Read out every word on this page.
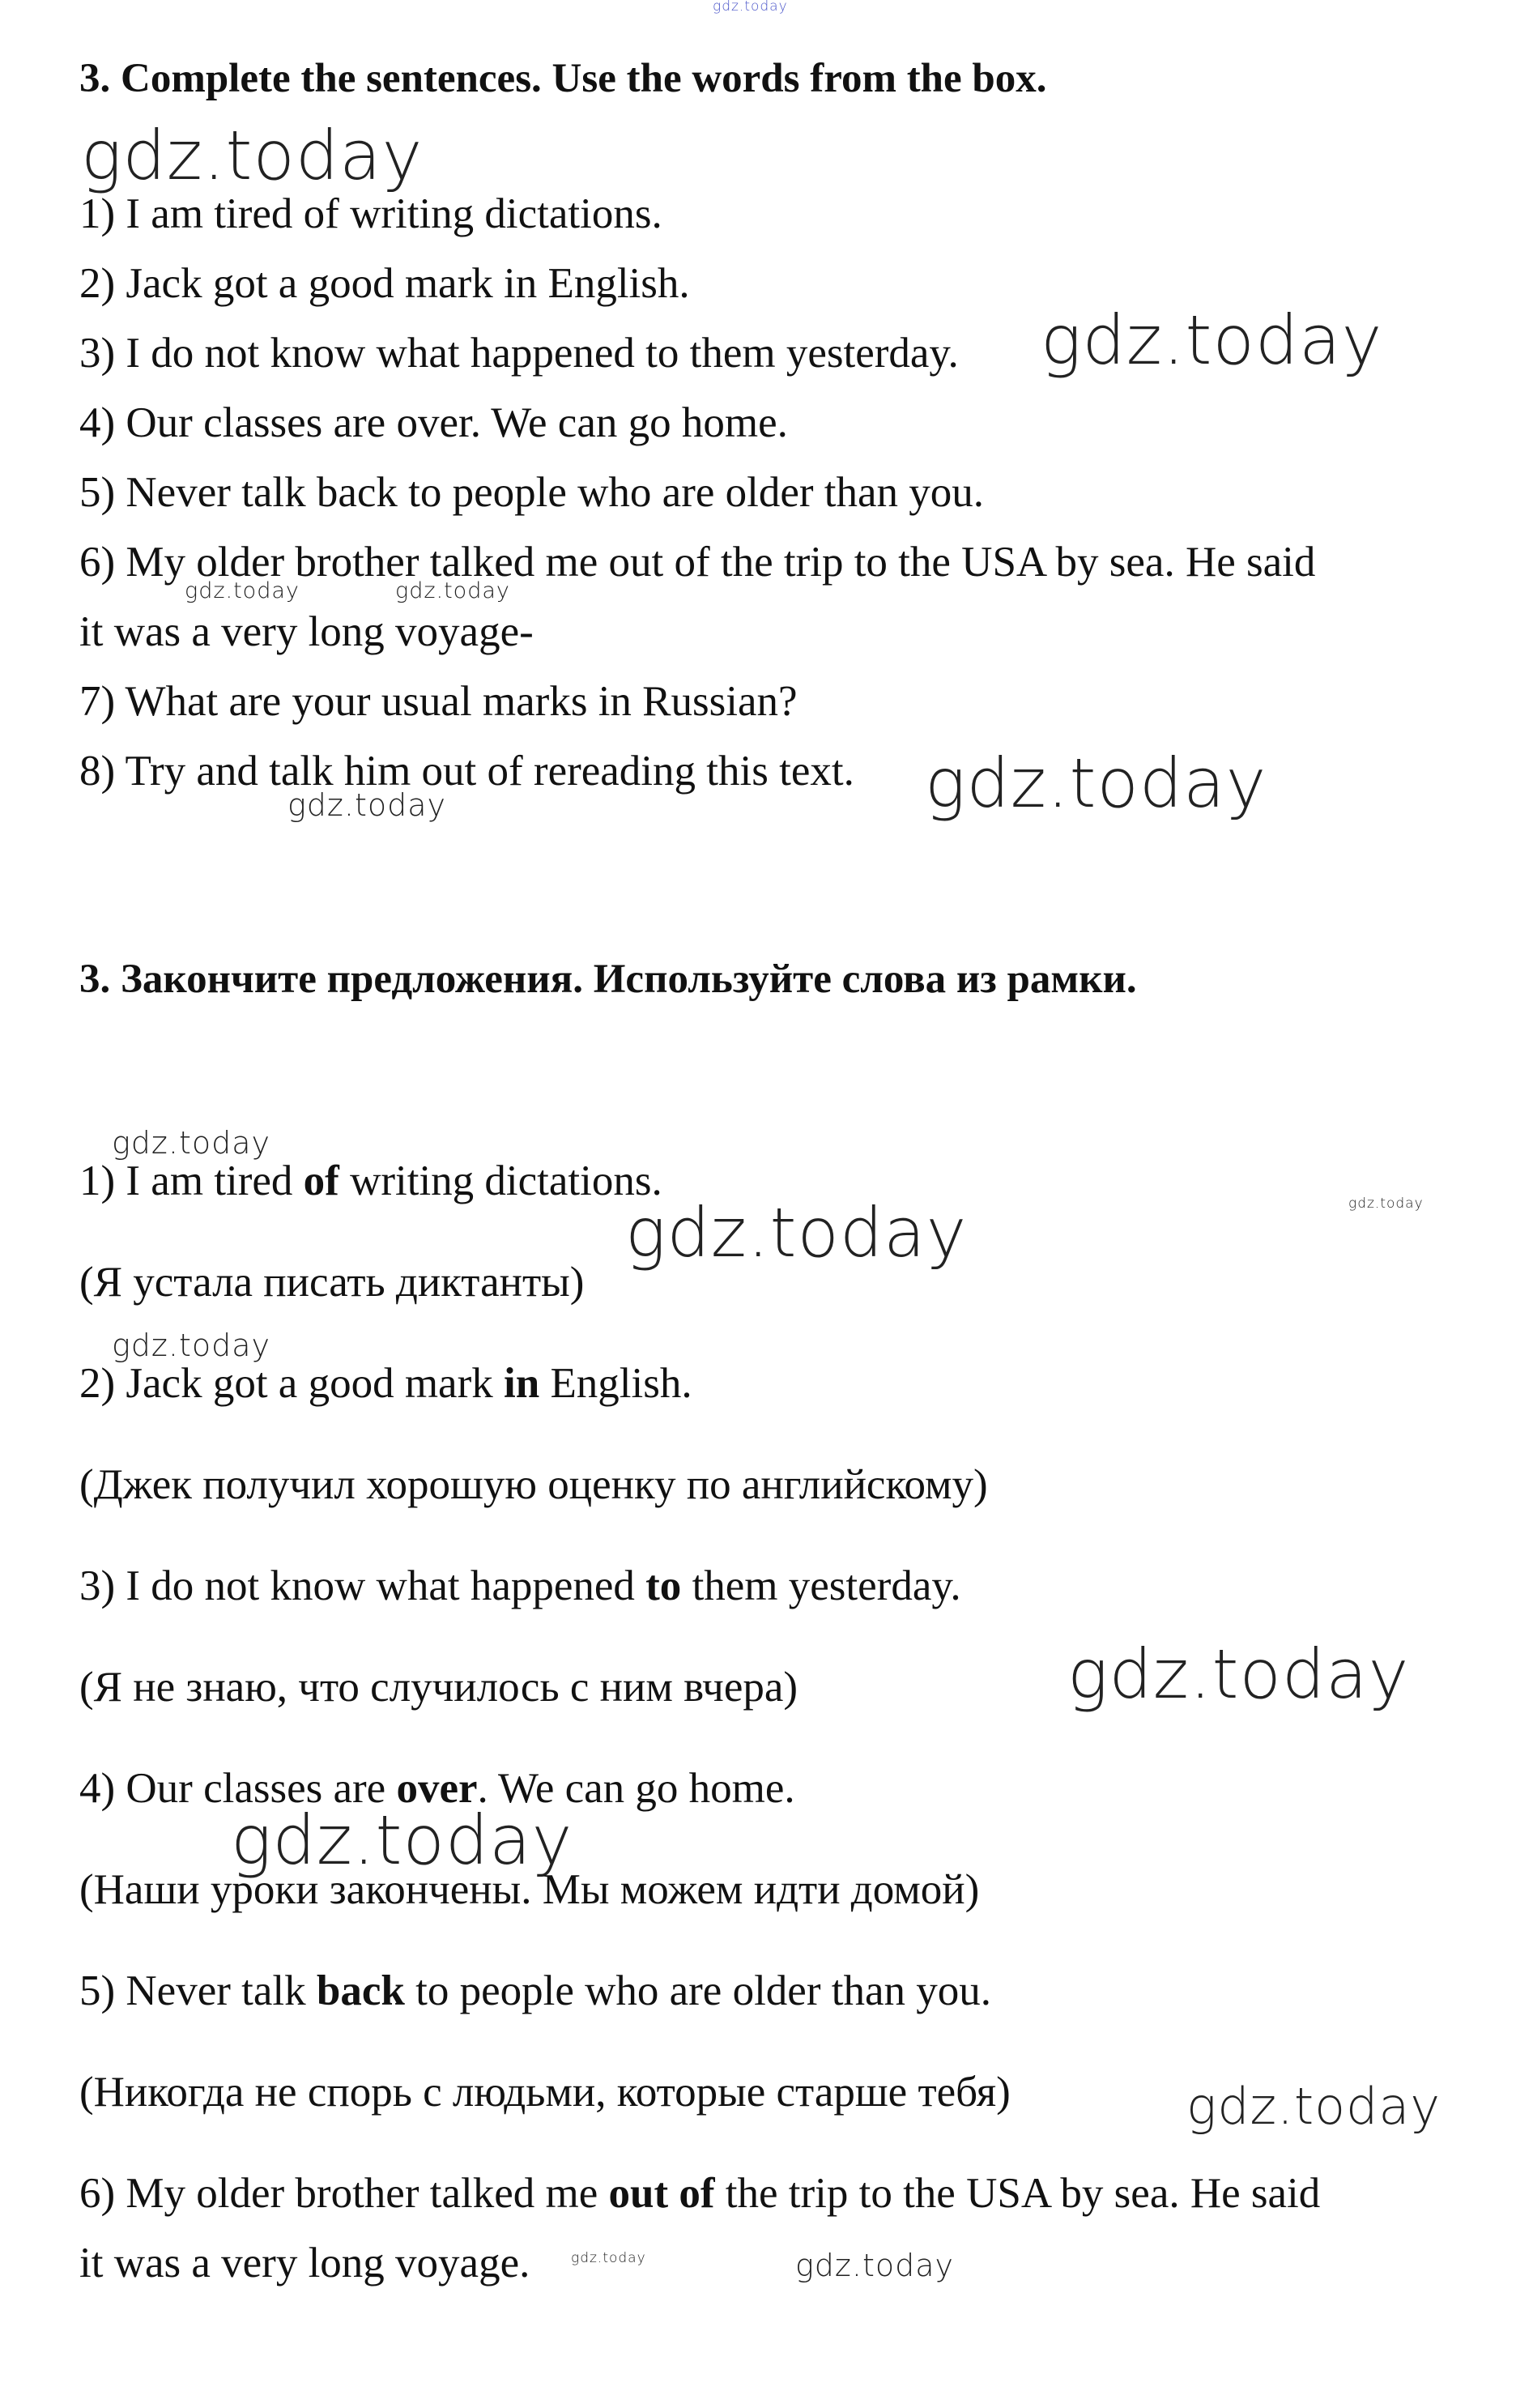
gdz.today
gdz.today
gdz.today
gdz.today	gdz.today
gdz.today
gdz.today
gdz.today
gdz.today
gdz.today
gdz.today
gdz.today
gdz.today
gdz.today
gdz.today	gdz.today
3. Complete the sentences. Use the words from the box.
1) I am tired of writing dictations.
2) Jack got a good mark in English.
3) I do not know what happened to them yesterday.
4) Our classes are over. We can go home.
5) Never talk back to people who are older than you.
6) My older brother talked me out of the trip to the USA by sea. He said
it was a very long voyage-
7) What are your usual marks in Russian?
8) Try and talk him out of rereading this text.
3. Закончите предложения. Используйте слова из рамки.
1) I am tired of writing dictations.
(Я устала писать диктанты)
2) Jack got a good mark in English.
(Джек получил хорошую оценку по английскому)
3) I do not know what happened to them yesterday.
(Я не знаю, что случилось с ним вчера)
4) Our classes are over. We can go home.
(Наши уроки закончены. Мы можем идти домой)
5) Never talk back to people who are older than you.
(Никогда не спорь с людьми, которые старше тебя)
6) My older brother talked me out of the trip to the USA by sea. He said
it was a very long voyage.
